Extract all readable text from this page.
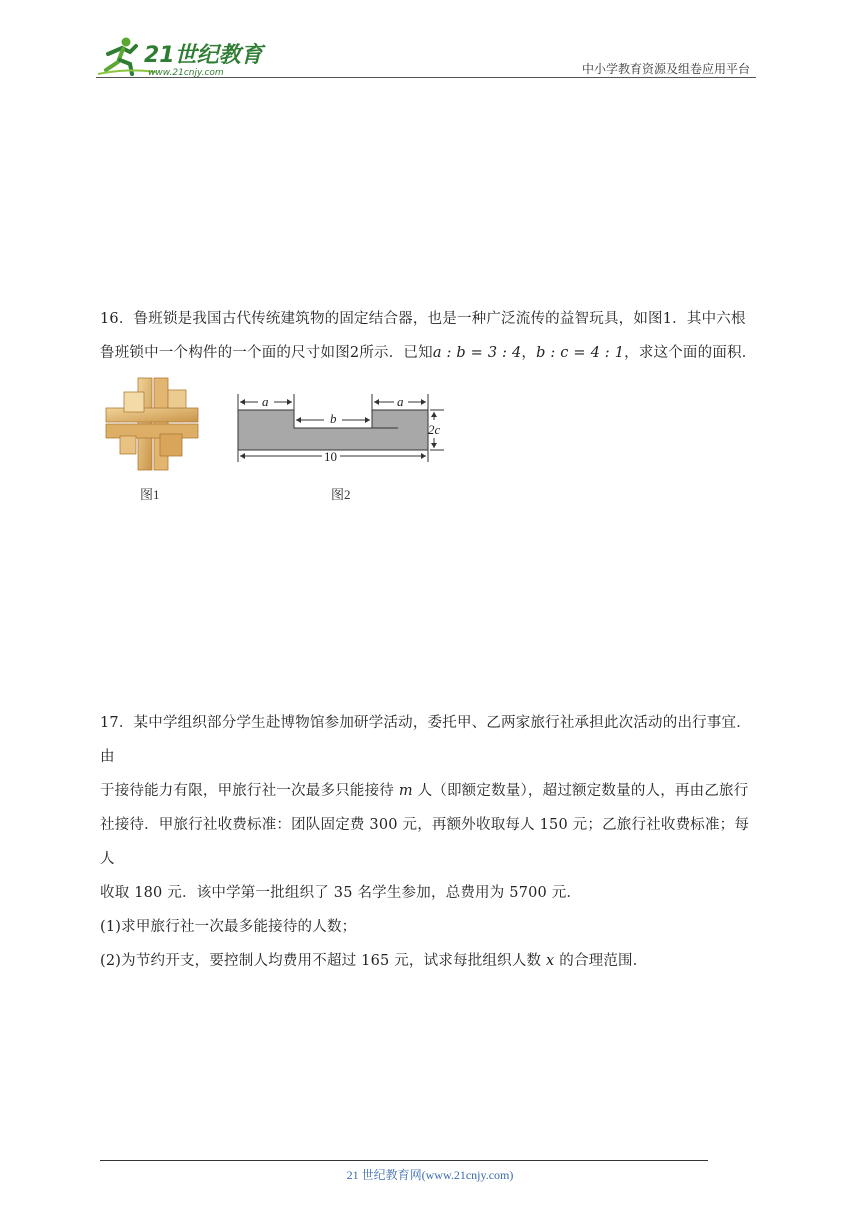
21世纪教育
www.21cnjy.com	中小学教育资源及组卷应用平台

16．鲁班锁是我国古代传统建筑物的固定结合器，也是一种广泛流传的益智玩具，如图1．其中六根

鲁班锁中一个构件的一个面的尺寸如图2所示．已知a : b = 3 : 4，b : c = 4 : 1，求这个面的面积．

图1
a	a
b
2c
10
图2

17．某中学组织部分学生赴博物馆参加研学活动，委托甲、乙两家旅行社承担此次活动的出行事宜．由

于接待能力有限，甲旅行社一次最多只能接待 m 人（即额定数量），超过额定数量的人，再由乙旅行

社接待．甲旅行社收费标准：团队固定费 300 元，再额外收取每人 150 元；乙旅行社收费标准；每人

收取 180 元．该中学第一批组织了 35 名学生参加，总费用为 5700 元．

(1)求甲旅行社一次最多能接待的人数；

(2)为节约开支，要控制人均费用不超过 165 元，试求每批组织人数 x 的合理范围．

21 世纪教育网(www.21cnjy.com)
